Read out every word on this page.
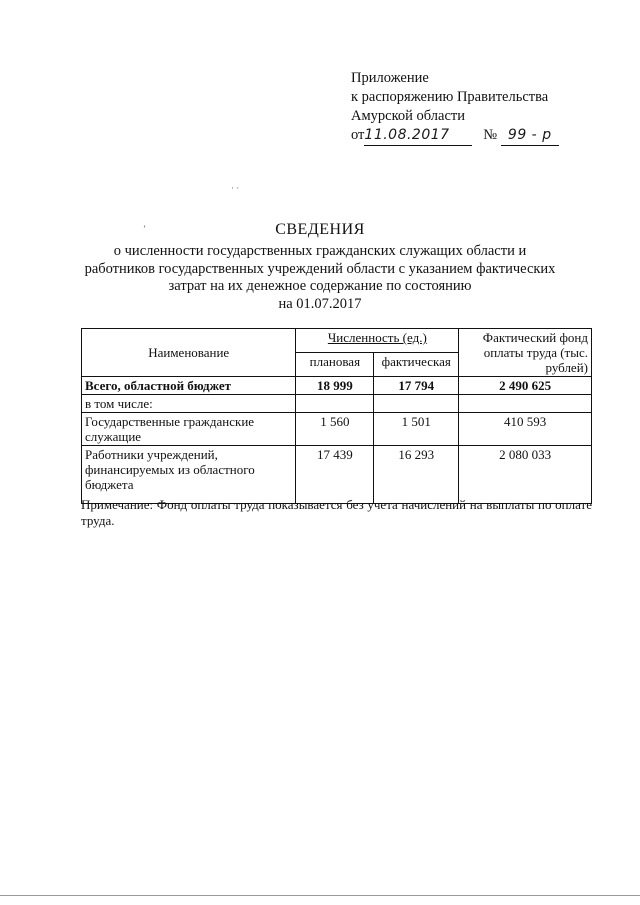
Приложение
к распоряжению Правительства
Амурской области
от11.08.2017 № 99 - р
· ·
ʼ	СВЕДЕНИЯ
о численности государственных гражданских служащих области и
работников государственных учреждений области с указанием фактических
затрат на их денежное содержание по состоянию
на 01.07.2017
Наименование	Численность (ед.)		Фактический фонд оплаты труда (тыс. рублей)
	плановая	фактическая	
Всего, областной бюджет	18 999	17 794	2 490 625
в том числе:			
Государственные гражданские служащие	1 560	1 501	410 593
Работники учреждений, финансируемых из областного бюджета	17 439	16 293	2 080 033
Примечание: Фонд оплаты труда показывается без учета начислений на выплаты по оплате труда.
